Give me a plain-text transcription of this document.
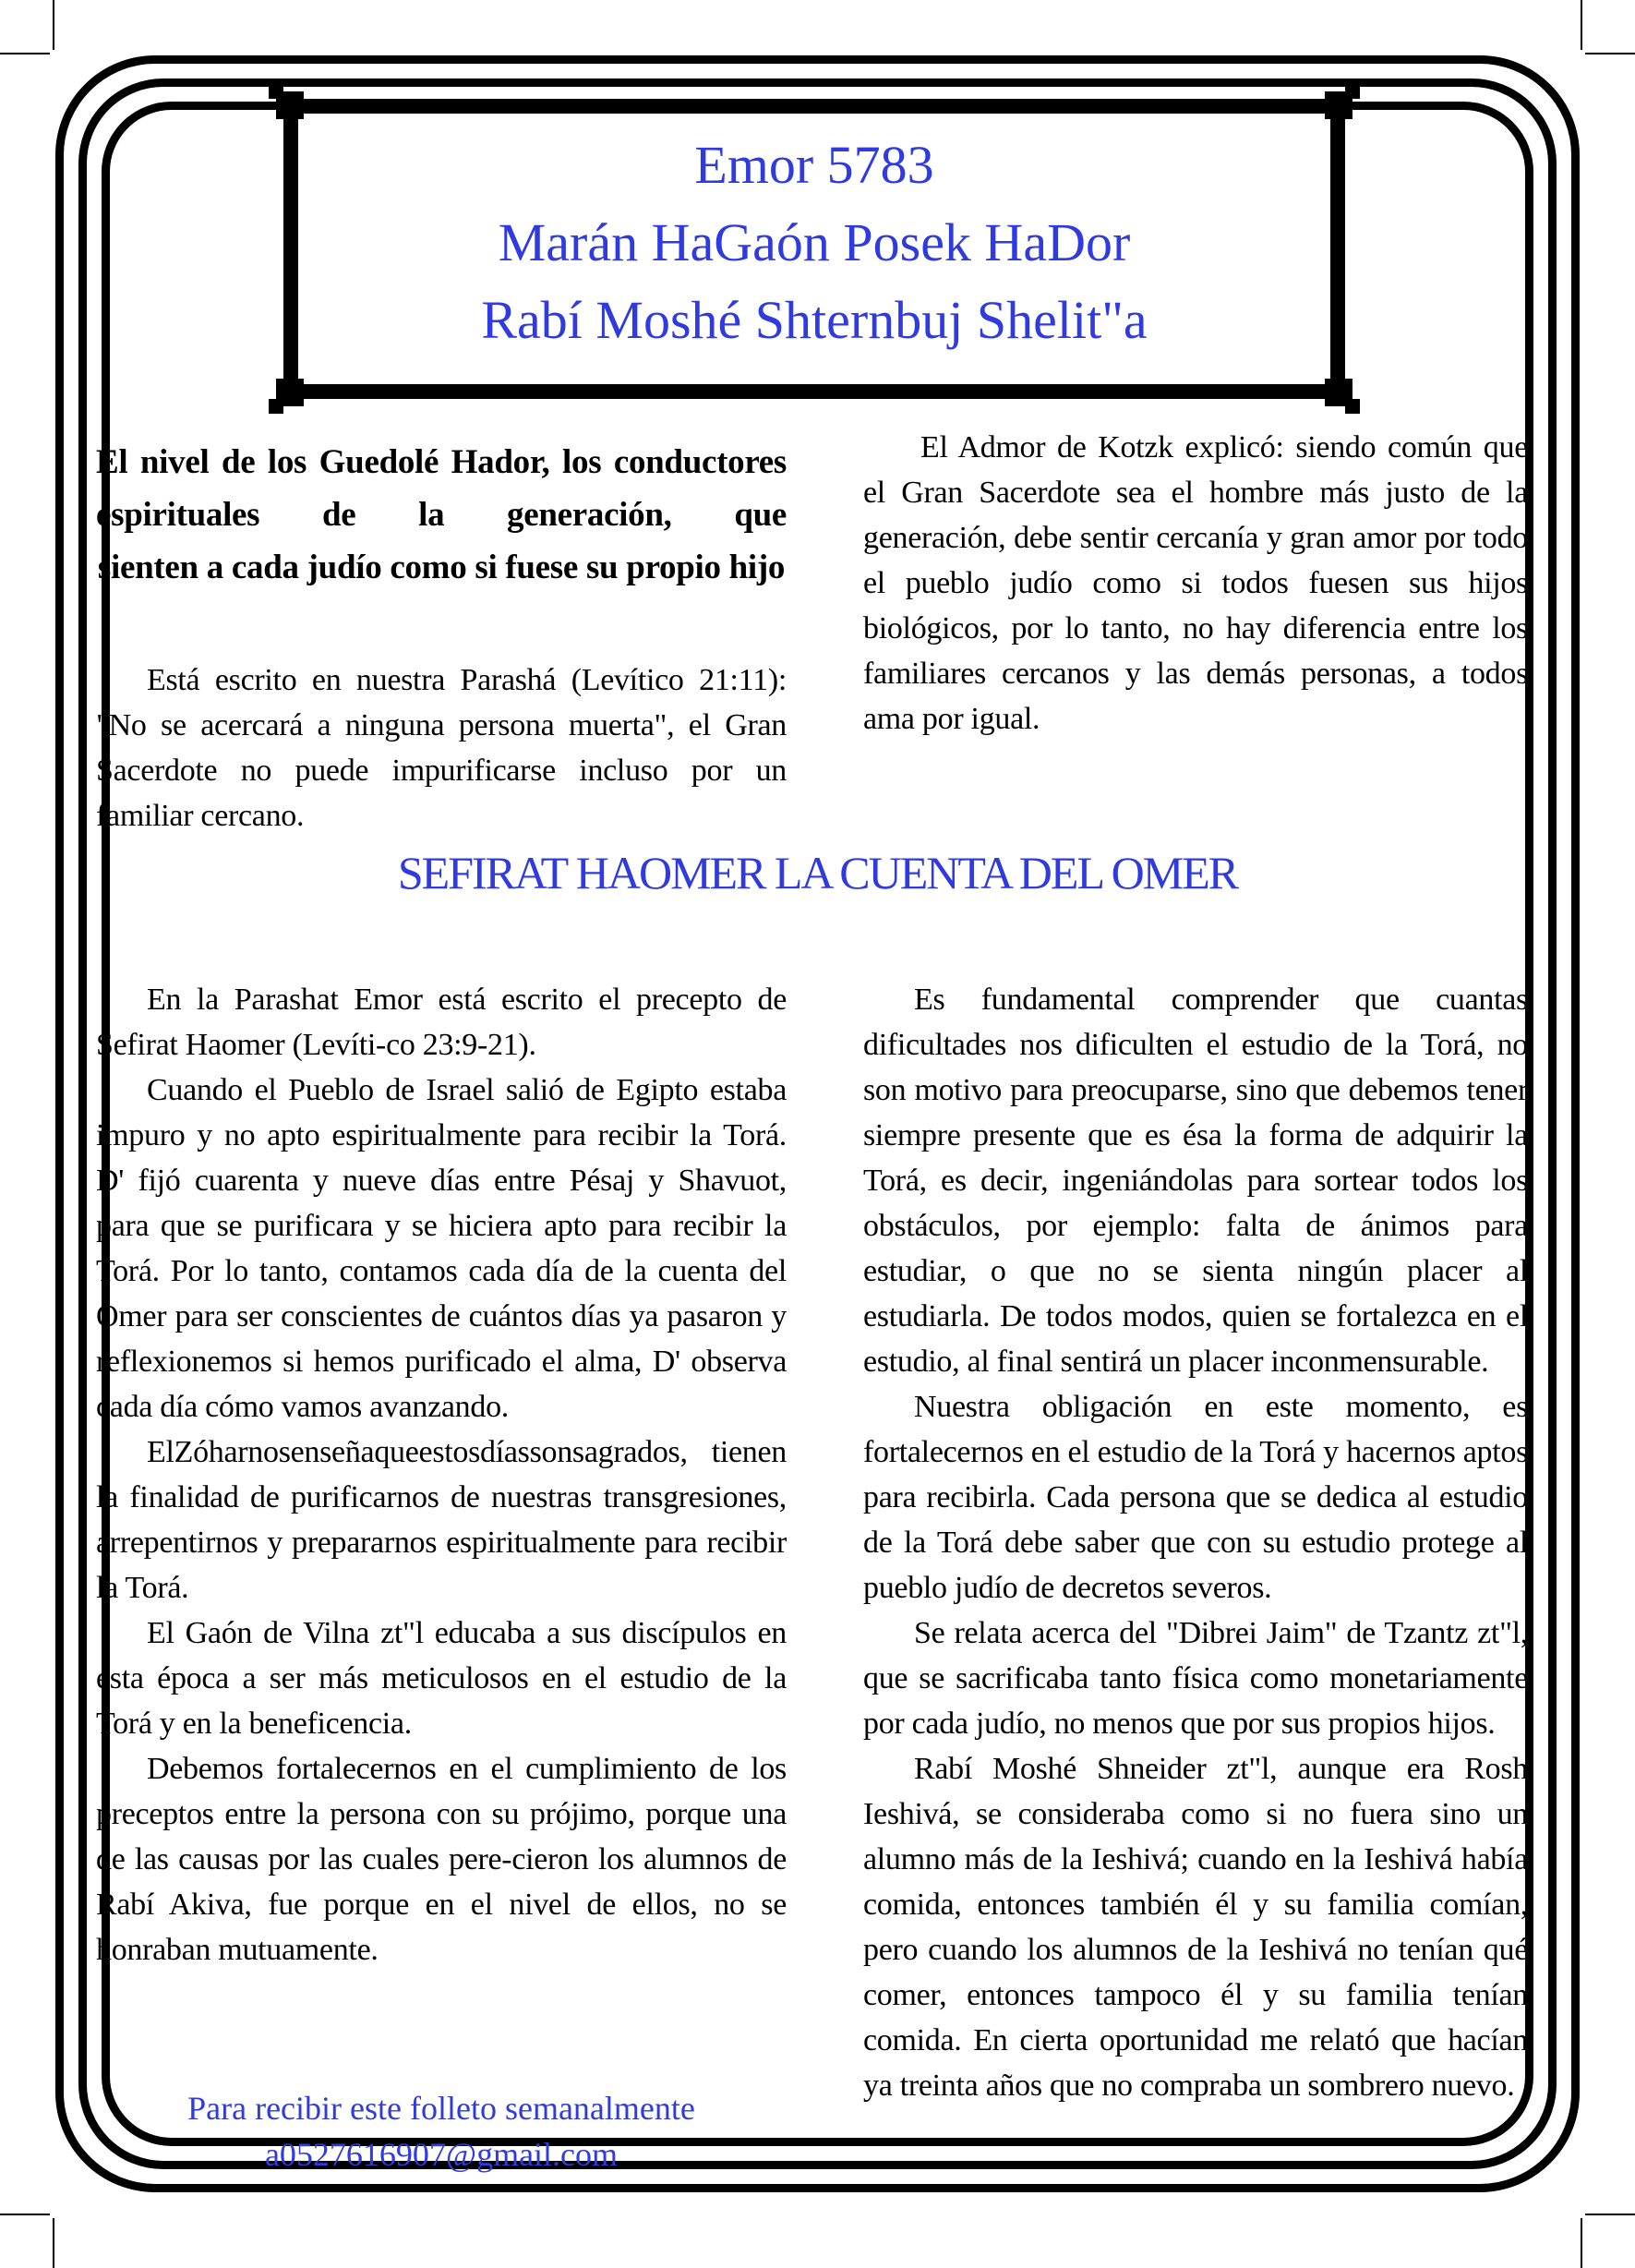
Emor 5783
Marán HaGaón Posek HaDor
Rabí Moshé Shternbuj Shelit"a
El nivel de los Guedolé Hador, los conductores espirituales de la generación, que
sienten a cada judío como si fuese su propio hijo
Está escrito en nuestra Parashá (Levítico 21:11): "No se acercará a ninguna persona muerta", el Gran Sacerdote no puede impurificarse incluso por un familiar cercano.
El Admor de Kotzk explicó: siendo común que el Gran Sacerdote sea el hombre más justo de la generación, debe sentir cercanía y gran amor por todo el pueblo judío como si todos fuesen sus hijos biológicos, por lo tanto, no hay diferencia entre los familiares cercanos y las demás personas, a todos ama por igual.
SEFIRAT HAOMER LA CUENTA DEL OMER

En la Parashat Emor está escrito el precepto de Sefirat Haomer (Levíti-co 23:9-21).

Cuando el Pueblo de Israel salió de Egipto estaba impuro y no apto espiritualmente para recibir la Torá. D' fijó cuarenta y nueve días entre Pésaj y Shavuot, para que se purificara y se hiciera apto para recibir la Torá. Por lo tanto, contamos cada día de la cuenta del Omer para ser conscientes de cuántos días ya pasaron y reflexionemos si hemos purificado el alma, D' observa cada día cómo vamos avanzando.

ElZóharnosenseñaqueestosdíassonsagrados, tienen la finalidad de purificarnos de nuestras transgresiones, arrepentirnos y prepararnos espiritualmente para recibir la Torá.

El Gaón de Vilna zt"l educaba a sus discípulos en esta época a ser más meticulosos en el estudio de la Torá y en la beneficencia.

Debemos fortalecernos en el cumplimiento de los preceptos entre la persona con su prójimo, porque una de las causas por las cuales pere-cieron los alumnos de Rabí Akiva, fue porque en el nivel de ellos, no se honraban mutuamente.

Es fundamental comprender que cuantas dificultades nos dificulten el estudio de la Torá, no son motivo para preocuparse, sino que debemos tener siempre presente que es ésa la forma de adquirir la Torá, es decir, ingeniándolas para sortear todos los obstáculos, por ejemplo: falta de ánimos para estudiar, o que no se sienta ningún placer al estudiarla. De todos modos, quien se fortalezca en el estudio, al final sentirá un placer inconmensurable.

Nuestra obligación en este momento, es fortalecernos en el estudio de la Torá y hacernos aptos para recibirla. Cada persona que se dedica al estudio de la Torá debe saber que con su estudio protege al pueblo judío de decretos severos.

Se relata acerca del "Dibrei Jaim" de Tzantz zt"l, que se sacrificaba tanto física como monetariamente por cada judío, no menos que por sus propios hijos.

Rabí Moshé Shneider zt"l, aunque era Rosh Ieshivá, se consideraba como si no fuera sino un alumno más de la Ieshivá; cuando en la Ieshivá había comida, entonces también él y su familia comían, pero cuando los alumnos de la Ieshivá no tenían qué comer, entonces tampoco él y su familia tenían comida. En cierta oportunidad me relató que hacían ya treinta años que no compraba un sombrero nuevo.

Para recibir este folleto semanalmente
a0527616907@gmail.com
